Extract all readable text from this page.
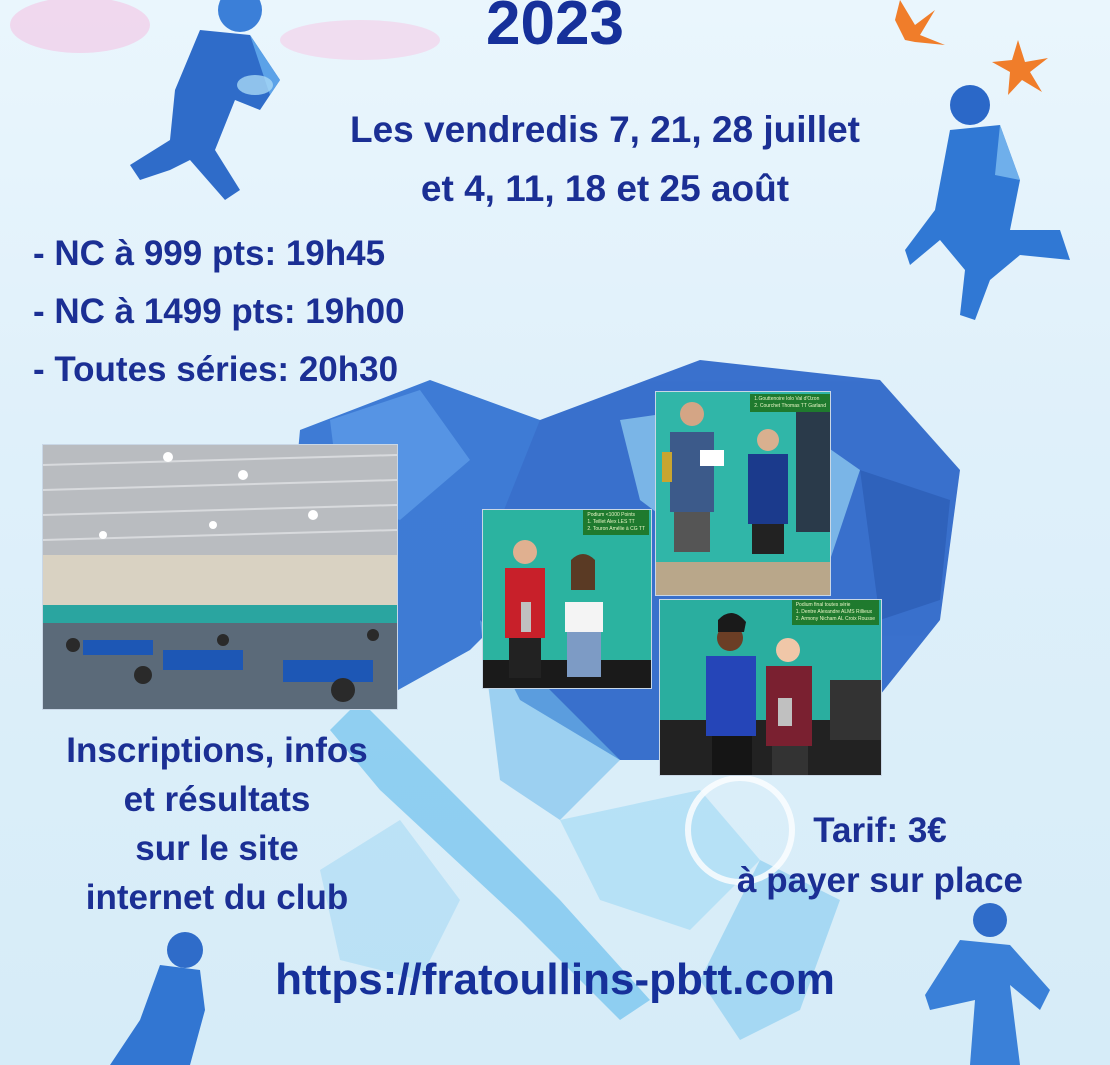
2023
Les vendredis 7, 21, 28 juillet
et 4, 11, 18 et 25 août
- NC à 999 pts: 19h45
- NC à 1499 pts: 19h00
- Toutes séries: 20h30
Podium <1000 Points
1. Teillet Alex LES TT
2. Touron Amélie à CG TT
1.Gouttenoire Iolo Val d'Ozon
2. Courchet Thomas TT Garland
Podium final toutes série
1. Dentre Alexandre ALMS Rillieux
2. Armony Nicham AL Croix Rousse
Inscriptions, infos
et résultats
sur le site
internet du club
Tarif: 3€
à payer sur place
https://fratoullins-pbtt.com
